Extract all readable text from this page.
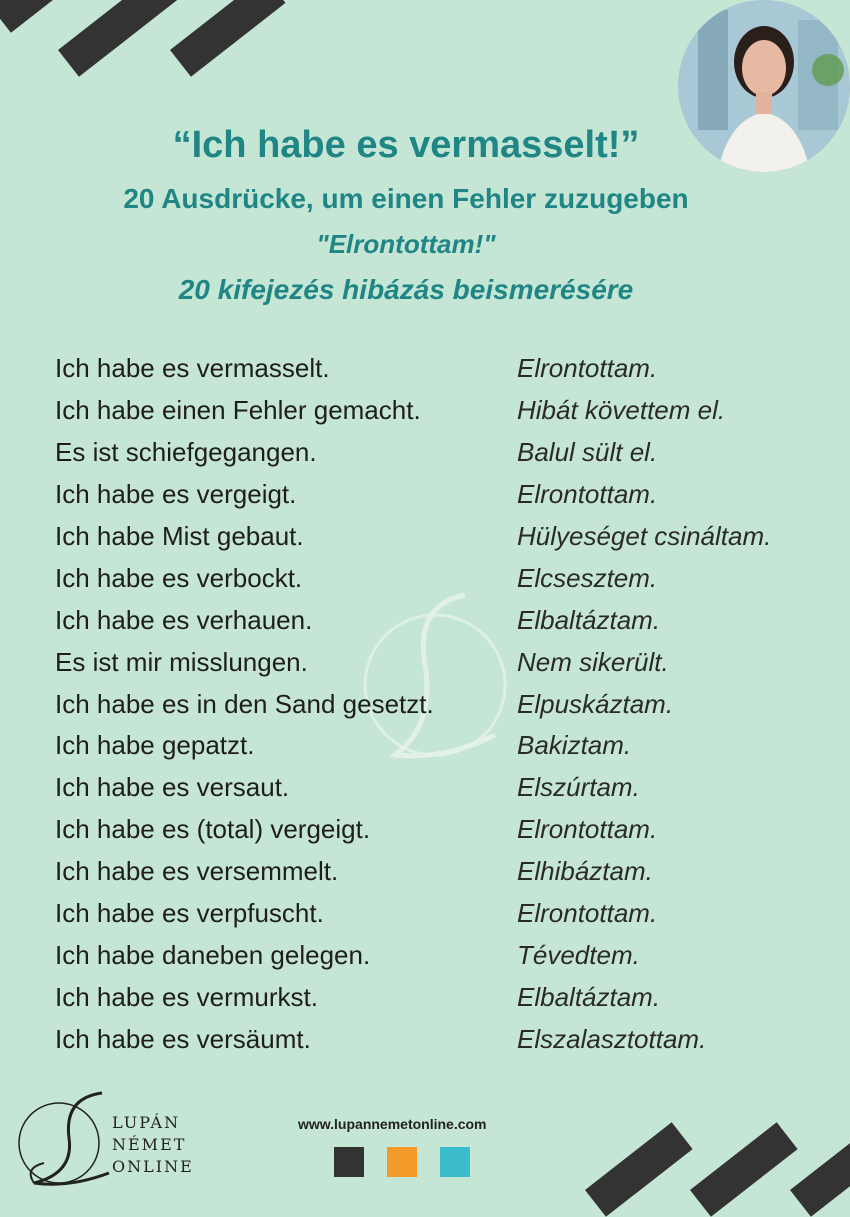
“Ich habe es vermasselt!”
20 Ausdrücke, um einen Fehler zuzugeben
"Elrontottam!"
20 kifejezés hibázás beismerésére
Ich habe es vermasselt.	Elrontottam.
Ich habe einen Fehler gemacht.	Hibát követtem el.
Es ist schiefgegangen.	Balul sült el.
Ich habe es vergeigt.	Elrontottam.
Ich habe Mist gebaut.	Hülyeséget csináltam.
Ich habe es verbockt.	Elcsesztem.
Ich habe es verhauen.	Elbaltáztam.
Es ist mir misslungen.	Nem sikerült.
Ich habe es in den Sand gesetzt.	Elpuskáztam.
Ich habe gepatzt.	Bakiztam.
Ich habe es versaut.	Elszúrtam.
Ich habe es (total) vergeigt.	Elrontottam.
Ich habe es versemmelt.	Elhibáztam.
Ich habe es verpfuscht.	Elrontottam.
Ich habe daneben gelegen.	Tévedtem.
Ich habe es vermurkst.	Elbaltáztam.
Ich habe es versäumt.	Elszalasztottam.
LUPÁN
NÉMET
ONLINE
www.lupannemetonline.com
